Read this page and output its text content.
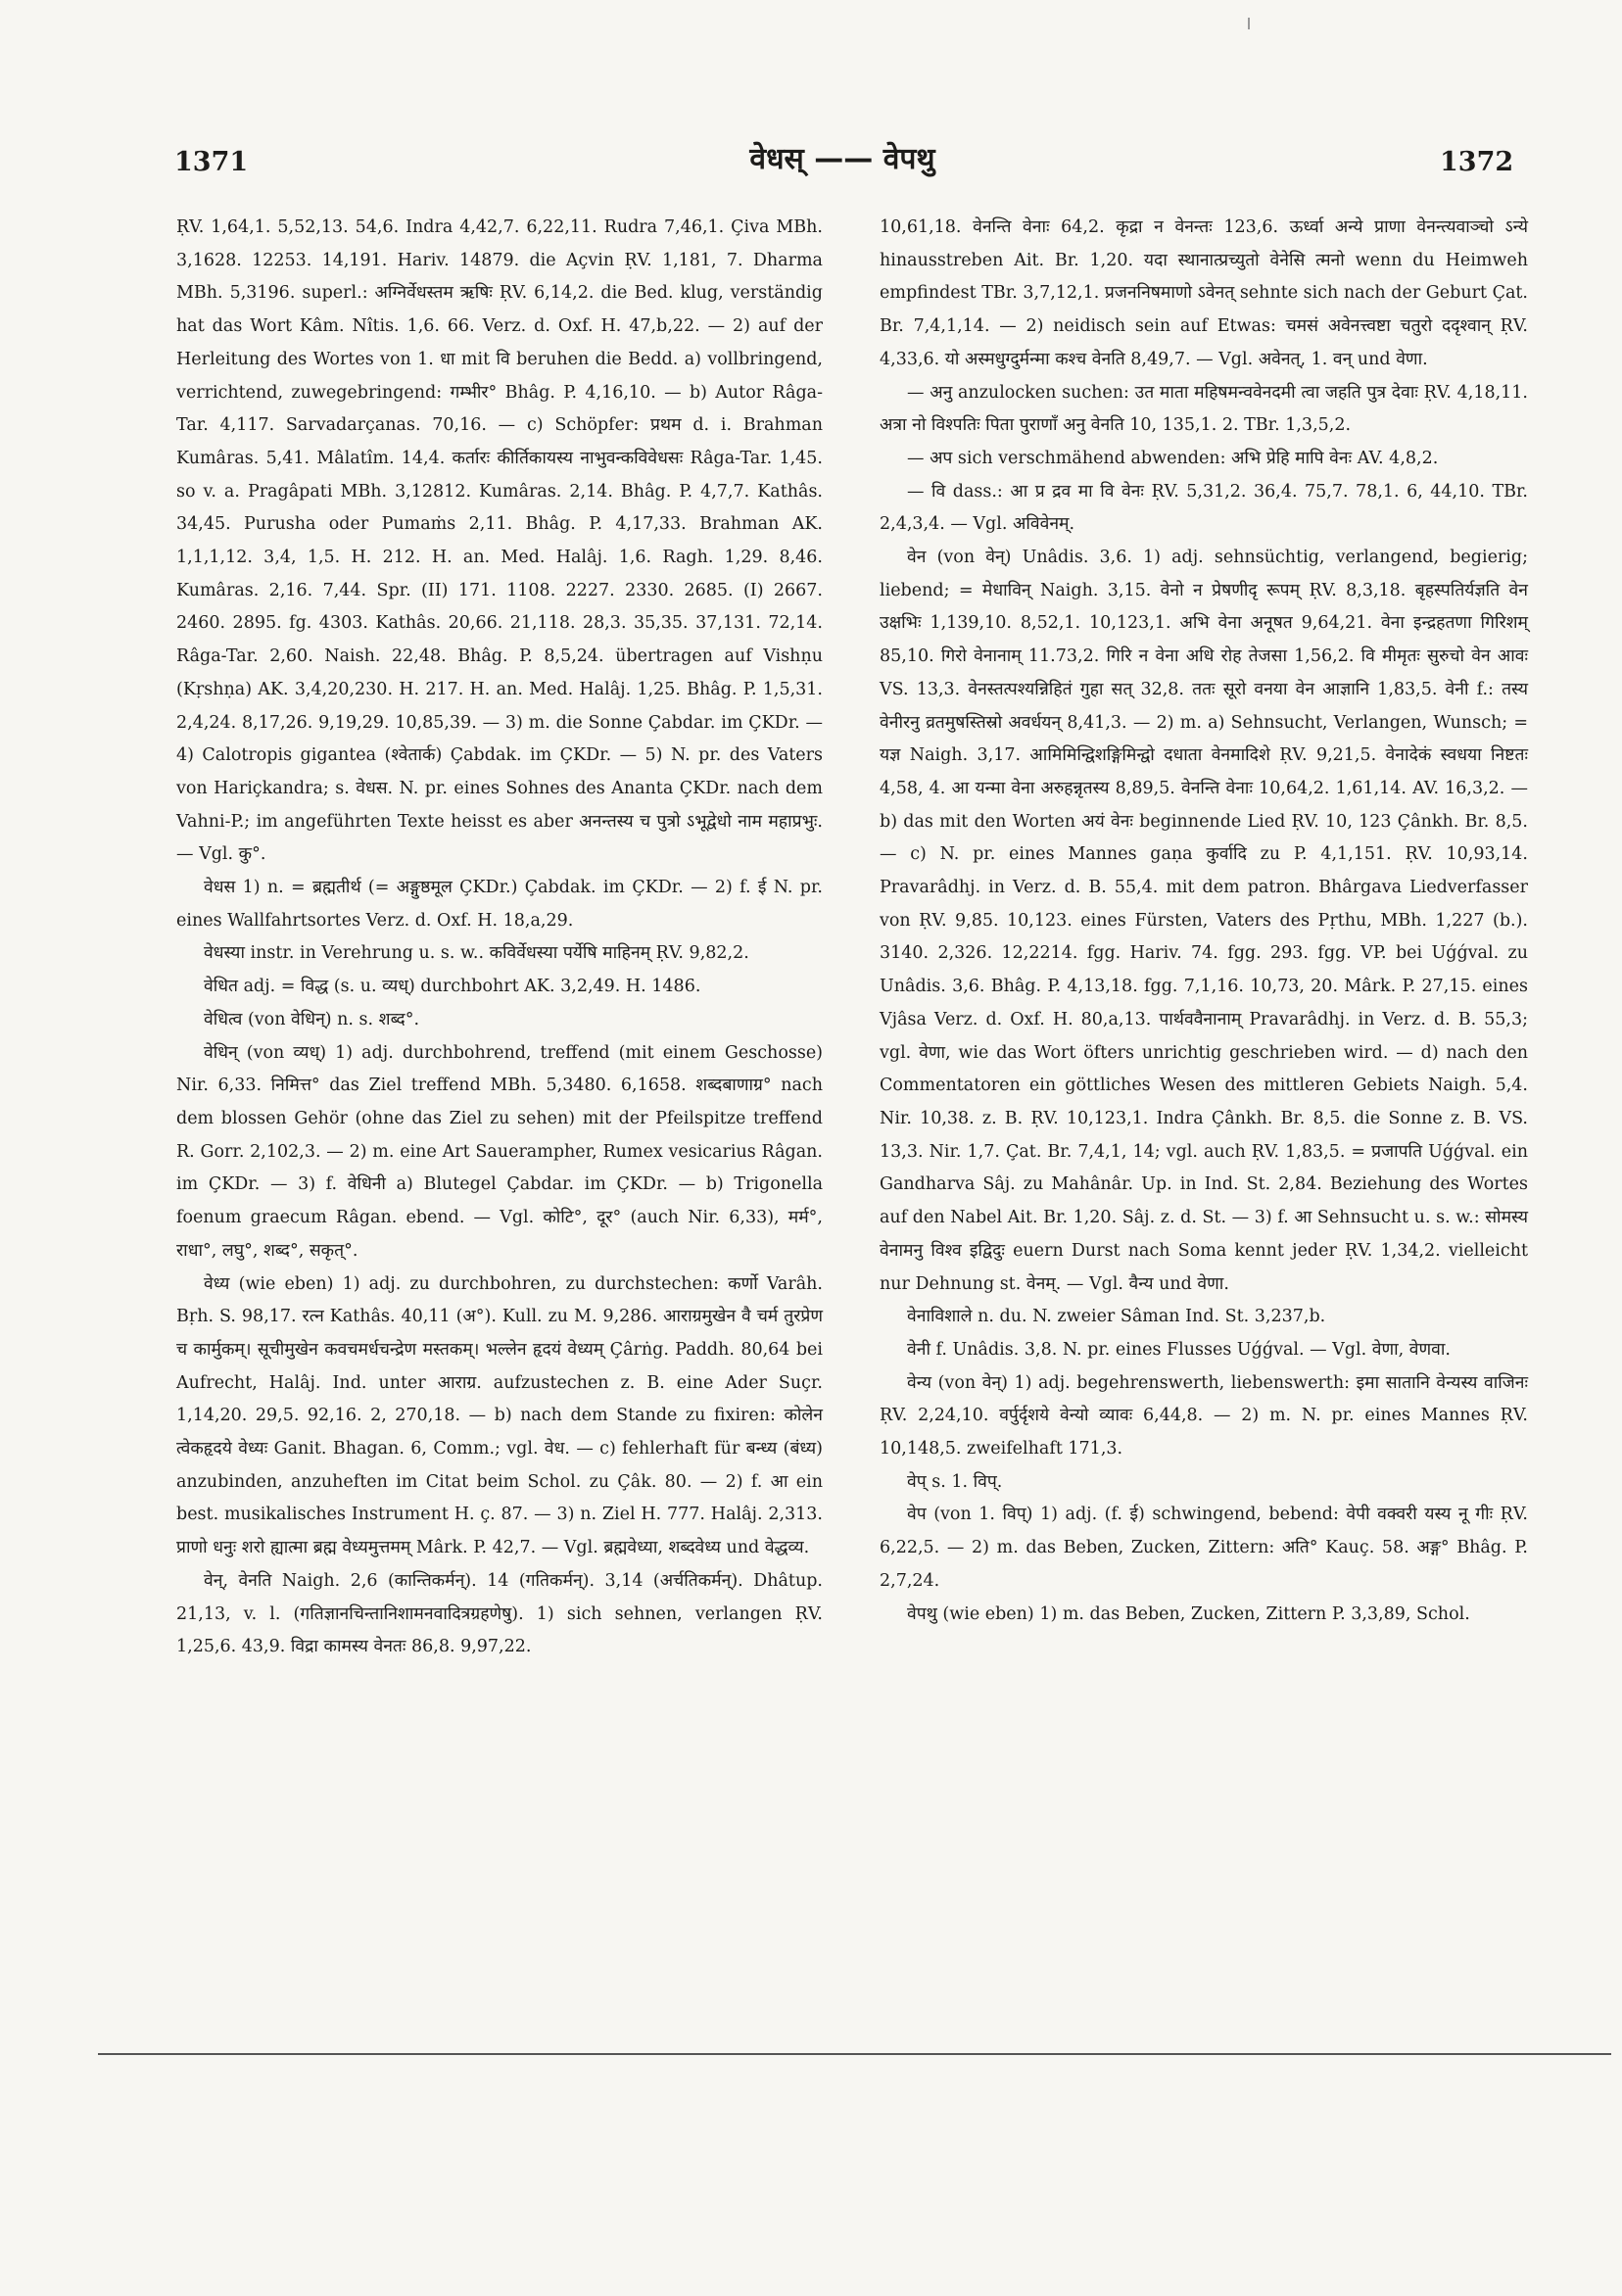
1371	वेधस् —— वेपथु	1372

ṚV. 1,64,1. 5,52,13. 54,6. Indra 4,42,7. 6,22,11. Rudra 7,46,1. Çiva MBh. 3,1628. 12253. 14,191. Hariv. 14879. die Açvin ṚV. 1,181, 7. Dharma MBh. 5,3196. superl.: अग्निर्वेधस्तम ऋषिः ṚV. 6,14,2. die Bed. klug, verständig hat das Wort Kâm. Nîtis. 1,6. 66. Verz. d. Oxf. H. 47,b,22. — 2) auf der Herleitung des Wortes von 1. धा mit वि beruhen die Bedd. a) vollbringend, verrichtend, zuwegebringend: गम्भीर° Bhâg. P. 4,16,10. — b) Autor Râga-Tar. 4,117. Sarvadarçanas. 70,16. — c) Schöpfer: प्रथम d. i. Brahman Kumâras. 5,41. Mâlatîm. 14,4. कर्तारः कीर्तिकायस्य नाभुवन्कविवेधसः Râga-Tar. 1,45. so v. a. Pragâpati MBh. 3,12812. Kumâras. 2,14. Bhâg. P. 4,7,7. Kathâs. 34,45. Purusha oder Pumaṁs 2,11. Bhâg. P. 4,17,33. Brahman AK. 1,1,1,12. 3,4, 1,5. H. 212. H. an. Med. Halâj. 1,6. Ragh. 1,29. 8,46. Kumâras. 2,16. 7,44. Spr. (II) 171. 1108. 2227. 2330. 2685. (I) 2667. 2460. 2895. fg. 4303. Kathâs. 20,66. 21,118. 28,3. 35,35. 37,131. 72,14. Râga-Tar. 2,60. Naish. 22,48. Bhâg. P. 8,5,24. übertragen auf Vishṇu (Kṛshṇa) AK. 3,4,20,230. H. 217. H. an. Med. Halâj. 1,25. Bhâg. P. 1,5,31. 2,4,24. 8,17,26. 9,19,29. 10,85,39. — 3) m. die Sonne Çabdar. im ÇKDr. — 4) Calotropis gigantea (श्वेतार्क) Çabdak. im ÇKDr. — 5) N. pr. des Vaters von Hariçkandra; s. वेधस. N. pr. eines Sohnes des Ananta ÇKDr. nach dem Vahni-P.; im angeführten Texte heisst es aber अनन्तस्य च पुत्रो ऽभूद्वेधो नाम महाप्रभुः. — Vgl. कु°.

वेधस 1) n. = ब्रह्मतीर्थ (= अङ्गुष्ठमूल ÇKDr.) Çabdak. im ÇKDr. — 2) f. ई N. pr. eines Wallfahrtsortes Verz. d. Oxf. H. 18,a,29.

वेधस्या instr. in Verehrung u. s. w.. कविर्वेधस्या पर्येषि माहिनम् ṚV. 9,82,2.

वेधित adj. = विद्ध (s. u. व्यध्) durchbohrt AK. 3,2,49. H. 1486.

वेधित्व (von वेधिन्) n. s. शब्द°.

वेधिन् (von व्यध्) 1) adj. durchbohrend, treffend (mit einem Geschosse) Nir. 6,33. निमित्त° das Ziel treffend MBh. 5,3480. 6,1658. शब्दबाणाग्र° nach dem blossen Gehör (ohne das Ziel zu sehen) mit der Pfeilspitze treffend R. Gorr. 2,102,3. — 2) m. eine Art Sauerampher, Rumex vesicarius Râgan. im ÇKDr. — 3) f. वेधिनी a) Blutegel Çabdar. im ÇKDr. — b) Trigonella foenum graecum Râgan. ebend. — Vgl. कोटि°, दूर° (auch Nir. 6,33), मर्म°, राधा°, लघु°, शब्द°, सकृत्°.

वेध्य (wie eben) 1) adj. zu durchbohren, zu durchstechen: कर्णो Varâh. Bṛh. S. 98,17. रत्न Kathâs. 40,11 (अ°). Kull. zu M. 9,286. आराग्रमुखेन वै चर्म तुरप्रेण च कार्मुकम्। सूचीमुखेन कवचमर्धचन्द्रेण मस्तकम्। भल्लेन हृदयं वेध्यम् Çârṅg. Paddh. 80,64 bei Aufrecht, Halâj. Ind. unter आराग्र. aufzustechen z. B. eine Ader Suçr. 1,14,20. 29,5. 92,16. 2, 270,18. — b) nach dem Stande zu fixiren: कोलेन त्वेकहृदये वेध्यः Ganit. Bhagan. 6, Comm.; vgl. वेध. — c) fehlerhaft für बन्ध्य (बंध्य) anzubinden, anzuheften im Citat beim Schol. zu Çâk. 80. — 2) f. आ ein best. musikalisches Instrument H. ç. 87. — 3) n. Ziel H. 777. Halâj. 2,313. प्राणो धनुः शरो ह्यात्मा ब्रह्म वेध्यमुत्तमम् Mârk. P. 42,7. — Vgl. ब्रह्मवेध्या, शब्दवेध्य und वेद्धव्य.

वेन्, वेनति Naigh. 2,6 (कान्तिकर्मन्). 14 (गतिकर्मन्). 3,14 (अर्चतिकर्मन्). Dhâtup. 21,13, v. l. (गतिज्ञानचिन्तानिशामनवादित्रग्रहणेषु). 1) sich sehnen, verlangen ṚV. 1,25,6. 43,9. विद्रा कामस्य वेनतः 86,8. 9,97,22.

10,61,18. वेनन्ति वेनाः 64,2. कृद्रा न वेनन्तः 123,6. ऊर्ध्वा अन्ये प्राणा वेनन्त्यवाञ्चो ऽन्ये hinausstreben Ait. Br. 1,20. यदा स्थानात्प्रच्युतो वेनेसि त्मनो wenn du Heimweh empfindest TBr. 3,7,12,1. प्रजननिषमाणो ऽवेनत् sehnte sich nach der Geburt Çat. Br. 7,4,1,14. — 2) neidisch sein auf Etwas: चमसं अवेनत्त्वष्टा चतुरो ददृश्वान् ṚV. 4,33,6. यो अस्मधुग्दुर्मन्मा कश्च वेनति 8,49,7. — Vgl. अवेनत्, 1. वन् und वेणा.

— अनु anzulocken suchen: उत माता महिषमन्ववेनदमी त्वा जहति पुत्र देवाः ṚV. 4,18,11. अत्रा नो विश्पतिः पिता पुराणाँ अनु वेनति 10, 135,1. 2. TBr. 1,3,5,2.

— अप sich verschmähend abwenden: अभि प्रेहि मापि वेनः AV. 4,8,2.

— वि dass.: आ प्र द्रव मा वि वेनः ṚV. 5,31,2. 36,4. 75,7. 78,1. 6, 44,10. TBr. 2,4,3,4. — Vgl. अविवेनम्.

वेन (von वेन्) Unâdis. 3,6. 1) adj. sehnsüchtig, verlangend, begierig; liebend; = मेधाविन् Naigh. 3,15. वेनो न प्रेषणीदृ रूपम् ṚV. 8,3,18. बृहस्पतिर्यज्ञति वेन उक्षभिः 1,139,10. 8,52,1. 10,123,1. अभि वेना अनूषत 9,64,21. वेना इन्द्रहतणा गिरिशम् 85,10. गिरो वेनानाम् 11.73,2. गिरि न वेना अधि रोह तेजसा 1,56,2. वि मीमृतः सुरुचो वेन आवः VS. 13,3. वेनस्तत्पश्यन्निहितं गुहा सत् 32,8. ततः सूरो वनया वेन आज्ञानि 1,83,5. वेनी f.: तस्य वेनीरनु व्रतमुषस्तिस्रो अवर्धयन् 8,41,3. — 2) m. a) Sehnsucht, Verlangen, Wunsch; = यज्ञ Naigh. 3,17. आमिमिन्द्विशङ्गिमिन्द्वो दधाता वेनमादिशे ṚV. 9,21,5. वेनादेकं स्वधया निष्टतः 4,58, 4. आ यन्मा वेना अरुहन्नृतस्य 8,89,5. वेनन्ति वेनाः 10,64,2. 1,61,14. AV. 16,3,2. — b) das mit den Worten अयं वेनः beginnende Lied ṚV. 10, 123 Çânkh. Br. 8,5. — c) N. pr. eines Mannes gaṇa कुर्वादि zu P. 4,1,151. ṚV. 10,93,14. Pravarâdhj. in Verz. d. B. 55,4. mit dem patron. Bhârgava Liedverfasser von ṚV. 9,85. 10,123. eines Fürsten, Vaters des Pṛthu, MBh. 1,227 (b.). 3140. 2,326. 12,2214. fgg. Hariv. 74. fgg. 293. fgg. VP. bei Uǵǵval. zu Unâdis. 3,6. Bhâg. P. 4,13,18. fgg. 7,1,16. 10,73, 20. Mârk. P. 27,15. eines Vjâsa Verz. d. Oxf. H. 80,a,13. पार्थववैनानाम् Pravarâdhj. in Verz. d. B. 55,3; vgl. वेणा, wie das Wort öfters unrichtig geschrieben wird. — d) nach den Commentatoren ein göttliches Wesen des mittleren Gebiets Naigh. 5,4. Nir. 10,38. z. B. ṚV. 10,123,1. Indra Çânkh. Br. 8,5. die Sonne z. B. VS. 13,3. Nir. 1,7. Çat. Br. 7,4,1, 14; vgl. auch ṚV. 1,83,5. = प्रजापति Uǵǵval. ein Gandharva Sâj. zu Mahânâr. Up. in Ind. St. 2,84. Beziehung des Wortes auf den Nabel Ait. Br. 1,20. Sâj. z. d. St. — 3) f. आ Sehnsucht u. s. w.: सोमस्य वेनामनु विश्व इद्विदुः euern Durst nach Soma kennt jeder ṚV. 1,34,2. vielleicht nur Dehnung st. वेनम्. — Vgl. वैन्य und वेणा.

वेनाविशाले n. du. N. zweier Sâman Ind. St. 3,237,b.

वेनी f. Unâdis. 3,8. N. pr. eines Flusses Uǵǵval. — Vgl. वेणा, वेणवा.

वेन्य (von वेन्) 1) adj. begehrenswerth, liebenswerth: इमा सातानि वेन्यस्य वाजिनः ṚV. 2,24,10. वर्पुर्दृशये वेन्यो व्यावः 6,44,8. — 2) m. N. pr. eines Mannes ṚV. 10,148,5. zweifelhaft 171,3.

वेप् s. 1. विप्.

वेप (von 1. विप्) 1) adj. (f. ई) schwingend, bebend: वेपी वक्वरी यस्य नू गीः ṚV. 6,22,5. — 2) m. das Beben, Zucken, Zittern: अति° Kauç. 58. अङ्ग° Bhâg. P. 2,7,24.

वेपथु (wie eben) 1) m. das Beben, Zucken, Zittern P. 3,3,89, Schol.
